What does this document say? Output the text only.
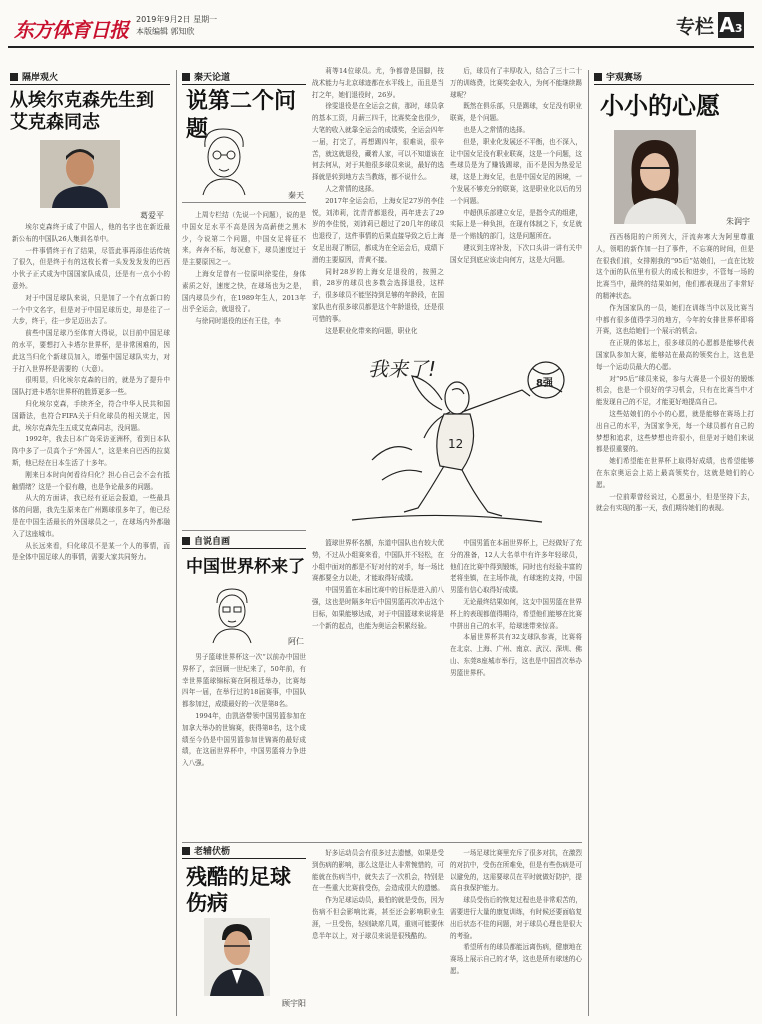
东方体育日报	2019年9月2日 星期一
本版编辑 郭知欣	专栏 A3
隔岸观火
从埃尔克森先生到艾克森同志
葛爱平

埃尔克森终于成了中国人，他的名字也在新近最新公布的中国队26人集训名单中。

一件事情终于有了结果，尽管此事再添佳话传统了很久，但是终于有的这枚长着一头发发发发的巴西小伙子正式成为中国国家队成员，还是有一点小小的意外。

对于中国足球队来说，只是加了一个有点新口的一个中文名字，但是对于中国足球历史，却是往了一大步，终于，往一步足迈出去了。

前些中国足球乃至体育大得说，以目前中国足球的水平，要想打入卡塔尔世界杯，是非常困难的，因此这当归化个新球员加入，增强中国足球队实力，对于打入世界杯是需要的（大意）。

很明显，归化埃尔克森的目的，就是为了提升中国队打进卡塔尔世界杯的胜算更多一些。

归化埃尔克森，手续齐全，符合中华人民共和国国籍法，也符合FIFA关于归化球员的相关规定，因此，埃尔克森先生五成艾克森同志，没问题。

1992年，我去日本广岛采访亚洲杯，看到日本队阵中多了一员高个子“外国人”，这是来自巴西的拉莫斯，他已经在日本生活了十多年。

刚来日本时向何看待归化？担心自己会不会有抵触情绪？这是一个很有趣，也是争论最多的问题。

从大的方面讲，我已经有亚运会报道，一些最具体的问题，我先生原来在广州踢球很多年了，他已经是在中国生活最长的外国球员之一，在球场内外都融入了这座城市。

从长远来看，归化球员不是某一个人的事情，而是全体中国足球人的事情，需要大家共同努力。

秦天论道
说第二个问题
秦天

上周专栏结（先说一个问题），说的是中国女足水平不高是因为高薪使之黑木少，今说第二个问题，中国女足将征不来，奔奔不标，每况愈下，球员速度过于是主要原因之一。

上海女足曾有一位原叫徐雯佳，身体素质之好，速度之快，在球场也为之是，国内球员少有，在1989年生人，2013年出乎全运会，就退役了。

与徐同时退役的还有王佳，李

莉等14位球员。尤，争都曾是国脚，技战术能力与北京球迹都在水平线上，而且是当打之年，她们退役时，26岁。

徐雯退役是在全运会之前，那时，球员拿的基本工资，月薪三四千，比赛奖金也很少，大笔的收入就靠全运会的成绩奖，全运会四年一届，打完了，再想踢四年，很难说，很辛苦，就这就退役，藏着人家，可以不知道该在何去何从，对于其他很多球员来说，最好的选择就是转到地方去当教练，都不说什么。

人之常情的选择。

2017年全运会后，上海女足27岁的李佳悦，刘沛莉，沈青青都退役，再年进去了29岁的李佳悦，刘沛莉已超过了20几年的球员也退役了，这件事情的后果直接导致之后上海女足出现了断层，都成为在全运会后，成绩下滑的主要原因，青黄不接。

同时28岁的上海女足退役的，按照之前，28岁的球员也多数会选择退役，这样子，很多球员不能坚持到足够的年龄段，在国家队也有很多球员都是这个年龄退役，还是很可惜的事。

这是职业化带来的问题，职业化

后，球员有了丰厚收入，结合了三十二十万的训练费，比赛奖金收入，为何不能继续踢球呢？

既然在俱乐部，只是踢球，女足没有职业联赛，是个问题。

也是人之常情的选择。

但是，职业化发展还不平衡，也不深入，让中国女足没有职业联赛，这是一个问题，这些球员是为了赚钱踢球，而不是因为热爱足球，这是上海女足，也是中国女足的困境，一个发展不够充分的联赛，这是职业化以后的另一个问题。

中超俱乐部建立女足，是指令式的组建，实际上是一种负担，在现有体制之下，女足就是一个赔钱的部门，这是问题所在。

建议到主席补发，下次口头讲一讲有关中国女足到底应该走向何方，这是大问题。

宇观赛场
小小的心愿
朱润宇

西西杨阳的户所列大，汗流奔寒大为阿里尊重人，领唱的新作加一扫了事件，不忘赛的时间，但是在很我们前，女排刚我的“95后”姑娘们，一直在比较这个面的队伍里有很大的成长和进步，不管每一场的比赛当中，最终的结果如何，他们都表现出了非常好的精神状态。

作为国家队的一员，她们在训练当中以及比赛当中都有很多值得学习的地方，今年的女排世界杯即将开赛，这也给她们一个展示的机会。

在正规的体坛上，很多球员的心愿都是能够代表国家队参加大赛，能够站在最高的领奖台上，这也是每一个运动员最大的心愿。

对“95后”球员来说，参与大赛是一个很好的锻炼机会，也是一个很好的学习机会，只有在比赛当中才能发现自己的不足，才能更好地提高自己。

这些姑娘们的小小的心愿，就是能够在赛场上打出自己的水平，为国家争光，每一个球员都有自己的梦想和追求，这些梦想也许很小，但是对于她们来说都是很重要的。

她们希望能在世界杯上取得好成绩，也希望能够在东京奥运会上站上最高领奖台，这就是她们的心愿。

一位前辈曾经说过，心愿虽小，但是坚持下去，就会有实现的那一天，我们期待她们的表现。

我来了!
8强
12
自说自画
中国世界杯来了
阿仁

男子篮球世界杯这一次“以前办中国世界杯了，亲回顾一世纪来了，50年前，有幸世界篮球锦标赛在阿根廷举办，比赛每四年一届，在举行过的18届赛事，中国队都参加过，成绩最好的一次是第8名。

1994年，由凯洛带领中国男篮参加在加拿大举办的世锦赛，获得第8名，这个成绩至今仍是中国男篮参加世锦赛的最好成绩，在这届世界杯中，中国男篮将力争进入八强。

篮球世界杯名额，东道中国队也有较大优势，不过从小组赛来看，中国队并不轻松，在小组中面对的都是不好对付的对手，每一场比赛都要全力以赴，才能取得好成绩。

中国男篮在本届比赛中的目标是进入前八强，这也是时隔多年后中国男篮再次冲击这个目标，如果能够达成，对于中国篮球来说将是一个新的起点，也能为奥运会积累经验。

中国男篮在本届世界杯上，已经做好了充分的准备，12人大名单中有许多年轻球员，他们在比赛中得到锻炼，同时也有经验丰富的老将坐镇，在主场作战，有球迷的支持，中国男篮有信心取得好成绩。

无论最终结果如何，这支中国男篮在世界杯上的表现都值得期待，希望他们能够在比赛中拼出自己的水平，给球迷带来惊喜。

本届世界杯共有32支球队参赛，比赛将在北京、上海、广州、南京、武汉、深圳、佛山、东莞8座城市举行，这也是中国首次举办男篮世界杯。

老辅伏枥
残酷的足球伤病
顾宇阳

好多运动员会有很多过去遗憾，如果是受到伤病的影响，那么这是让人非常惋惜的，可能就在伤病当中，就失去了一次机会，特别是在一些重大比赛前受伤，会造成很大的遗憾。

作为足球运动员，最怕的就是受伤，因为伤病不但会影响比赛，甚至还会影响职业生涯，一旦受伤，轻则缺席几周，重则可能要休息半年以上，对于球员来说是很残酷的。

一场足球比赛里充斥了很多对抗，在激烈的对抗中，受伤在所难免，但是有些伤病是可以避免的，这需要球员在平时就做好防护，提高自我保护能力。

球员受伤后的恢复过程也是非常艰苦的，需要进行大量的康复训练，有时候还要面临复出后状态不佳的问题，对于球员心理也是很大的考验。

希望所有的球员都能远离伤病，健康地在赛场上展示自己的才华，这也是所有球迷的心愿。
